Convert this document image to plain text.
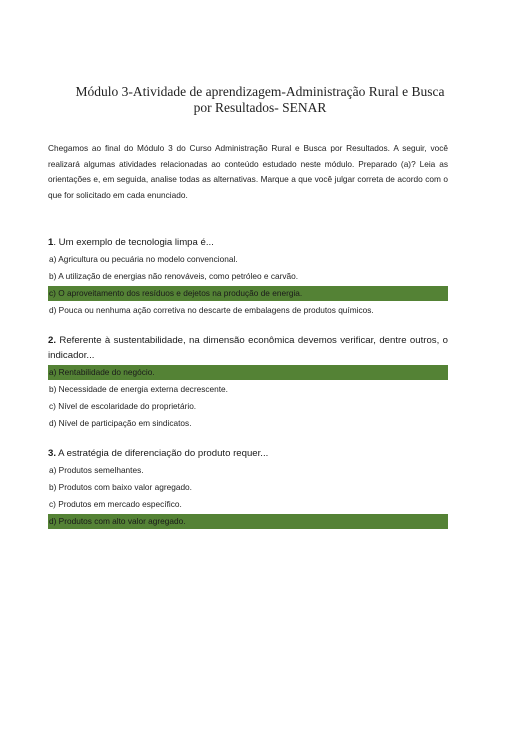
Módulo 3-Atividade de aprendizagem-Administração Rural e Busca
por Resultados- SENAR
Chegamos ao final do Módulo 3 do Curso Administração Rural e Busca por Resultados. A seguir, você realizará algumas atividades relacionadas ao conteúdo estudado neste módulo. Preparado (a)? Leia as orientações e, em seguida, analise todas as alternativas. Marque a que você julgar correta de acordo com o que for solicitado em cada enunciado.
1. Um exemplo de tecnologia limpa é...
a) Agricultura ou pecuária no modelo convencional.
b) A utilização de energias não renováveis, como petróleo e carvão.
c) O aproveitamento dos resíduos e dejetos na produção de energia.
d) Pouca ou nenhuma ação corretiva no descarte de embalagens de produtos químicos.
2. Referente à sustentabilidade, na dimensão econômica devemos verificar, dentre outros, o indicador...
a) Rentabilidade do negócio.
b) Necessidade de energia externa decrescente.
c) Nível de escolaridade do proprietário.
d) Nível de participação em sindicatos.
3. A estratégia de diferenciação do produto requer...
a) Produtos semelhantes.
b) Produtos com baixo valor agregado.
c) Produtos em mercado específico.
d) Produtos com alto valor agregado.
